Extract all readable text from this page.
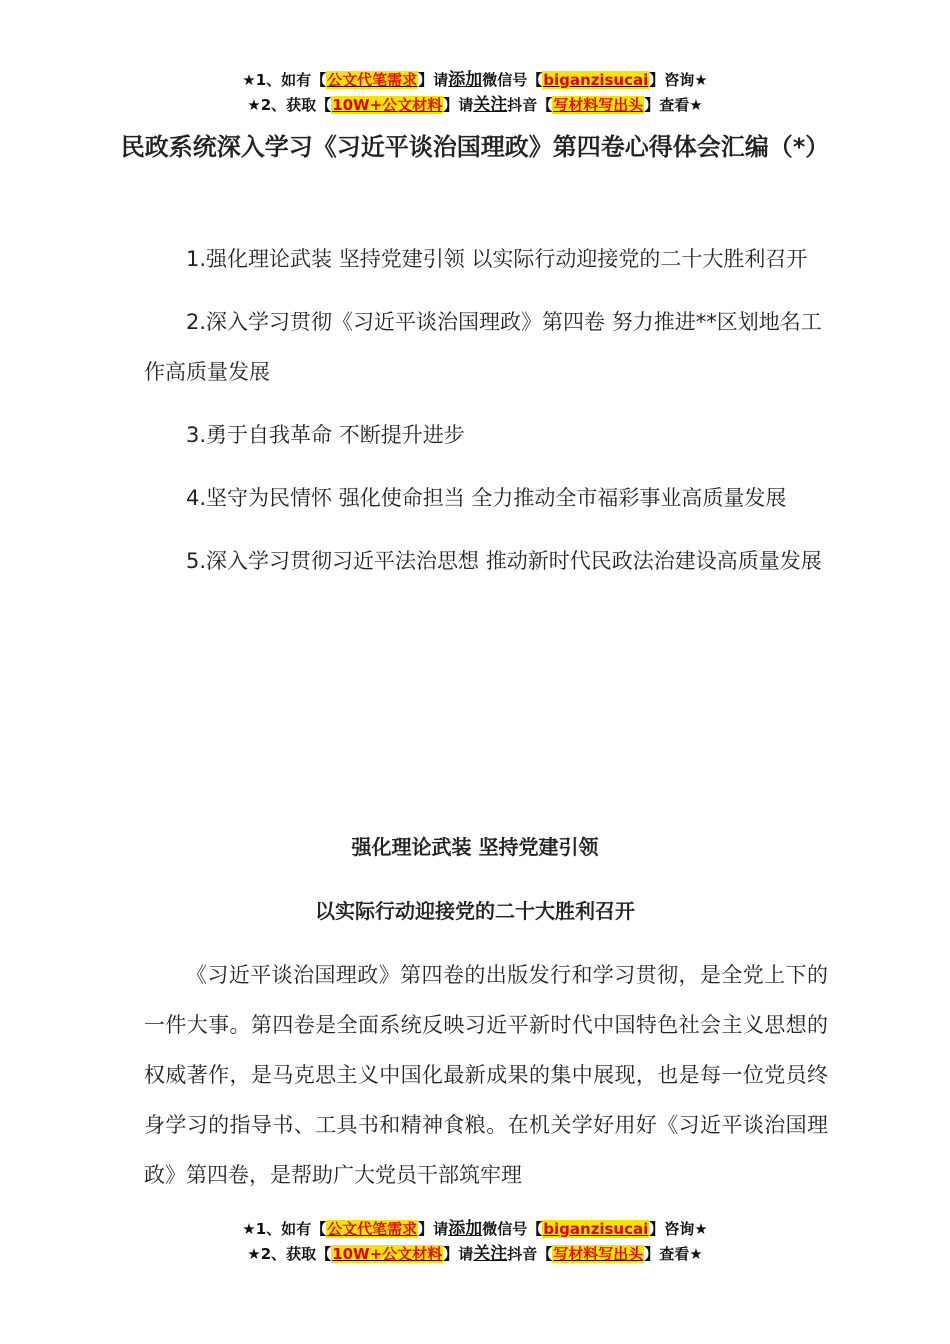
★1、如有【公文代笔需求】请添加微信号【biganzisucai】咨询★
★2、获取【10W+公文材料】请关注抖音【写材料写出头】查看★
民政系统深入学习《习近平谈治国理政》第四卷心得体会汇编（*）
1.强化理论武装 坚持党建引领 以实际行动迎接党的二十大胜利召开
2.深入学习贯彻《习近平谈治国理政》第四卷 努力推进**区划地名工作高质量发展
3.勇于自我革命 不断提升进步
4.坚守为民情怀 强化使命担当 全力推动全市福彩事业高质量发展
5.深入学习贯彻习近平法治思想 推动新时代民政法治建设高质量发展
强化理论武装 坚持党建引领
以实际行动迎接党的二十大胜利召开

《习近平谈治国理政》第四卷的出版发行和学习贯彻，是全党上下的一件大事。第四卷是全面系统反映习近平新时代中国特色社会主义思想的权威著作，是马克思主义中国化最新成果的集中展现，也是每一位党员终身学习的指导书、工具书和精神食粮。在机关学好用好《习近平谈治国理政》第四卷，是帮助广大党员干部筑牢理

★1、如有【公文代笔需求】请添加微信号【biganzisucai】咨询★
★2、获取【10W+公文材料】请关注抖音【写材料写出头】查看★
